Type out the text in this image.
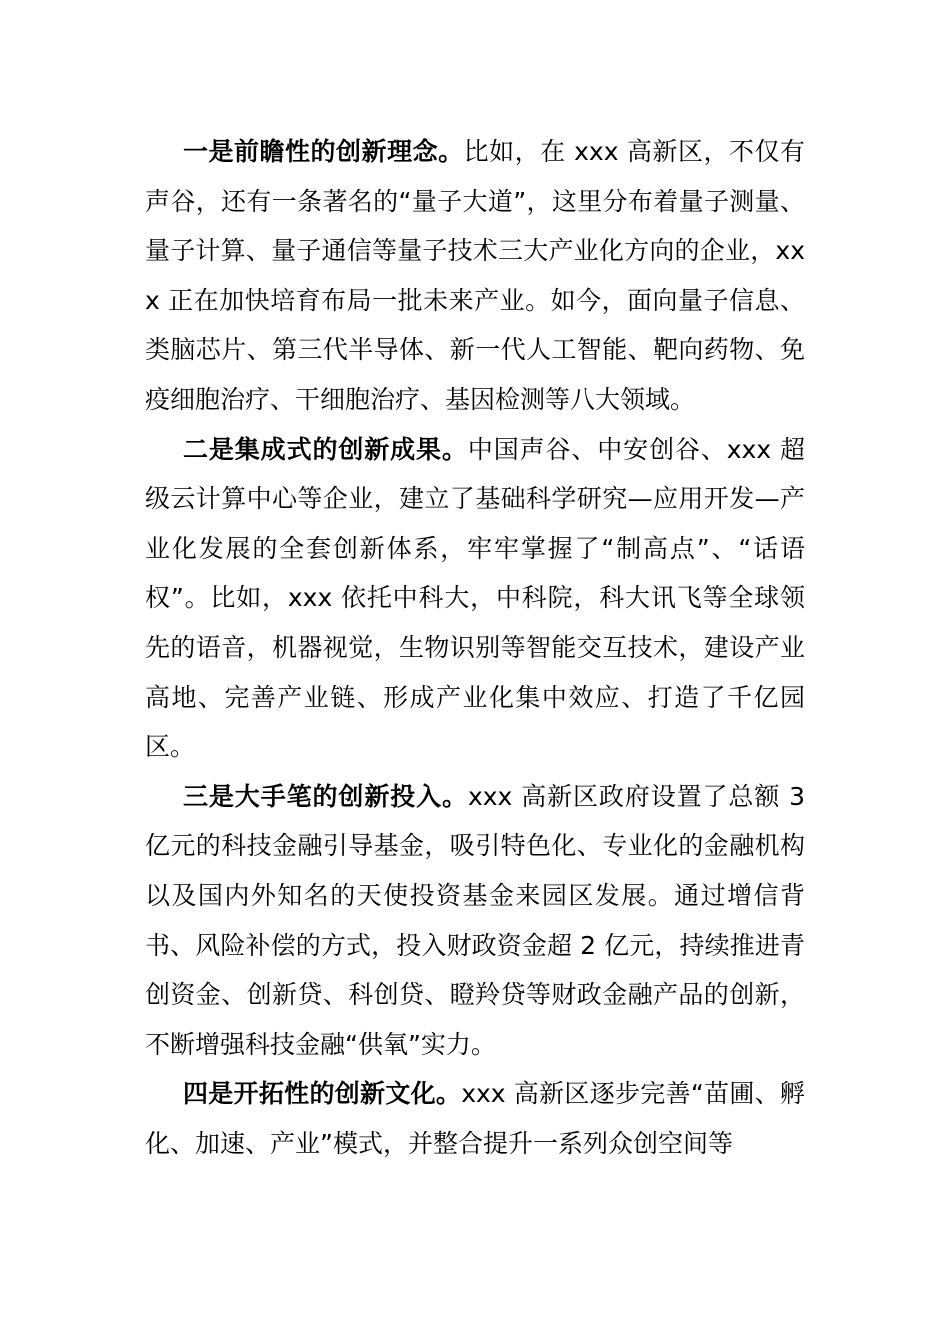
一是前瞻性的创新理念。比如，在 xxx 高新区，不仅有声谷，还有一条著名的“量子大道”，这里分布着量子测量、量子计算、量子通信等量子技术三大产业化方向的企业，xxx 正在加快培育布局一批未来产业。如今，面向量子信息、类脑芯片、第三代半导体、新一代人工智能、靶向药物、免疫细胞治疗、干细胞治疗、基因检测等八大领域。

二是集成式的创新成果。中国声谷、中安创谷、xxx 超级云计算中心等企业，建立了基础科学研究—应用开发—产业化发展的全套创新体系，牢牢掌握了“制高点”、“话语权”。比如，xxx 依托中科大，中科院，科大讯飞等全球领先的语音，机器视觉，生物识别等智能交互技术，建设产业高地、完善产业链、形成产业化集中效应、打造了千亿园区。

三是大手笔的创新投入。xxx 高新区政府设置了总额 3 亿元的科技金融引导基金，吸引特色化、专业化的金融机构以及国内外知名的天使投资基金来园区发展。通过增信背书、风险补偿的方式，投入财政资金超 2 亿元，持续推进青创资金、创新贷、科创贷、瞪羚贷等财政金融产品的创新，不断增强科技金融“供氧”实力。

四是开拓性的创新文化。xxx 高新区逐步完善“苗圃、孵化、加速、产业”模式，并整合提升一系列众创空间等
